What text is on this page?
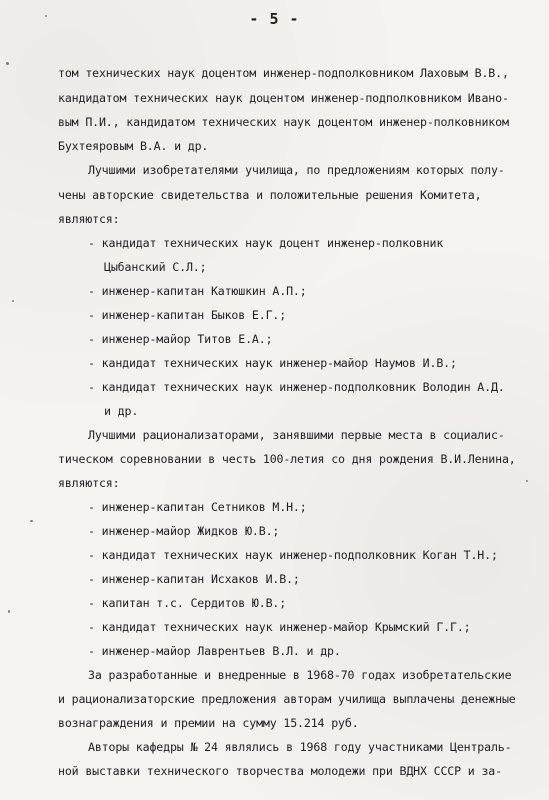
- 5 -
том технических наук доцентом инженер-подполковником Лаховым В.В.,
кандидатом технических наук доцентом инженер-подполковником Ивано-
вым П.И., кандидатом технических наук доцентом инженер-полковником
Бухтеяровым В.А. и др.
Лучшими изобретателями училища, по предложениям которых полу-
чены авторские свидетельства и положительные решения Комитета,
являются:
- кандидат технических наук доцент инженер-полковник
Цыбанский С.Л.;
- инженер-капитан Катюшкин А.П.;
- инженер-капитан Быков Е.Г.;
- инженер-майор Титов Е.А.;
- кандидат технических наук инженер-майор Наумов И.В.;
- кандидат технических наук инженер-подполковник Володин А.Д.
и др.
Лучшими рационализаторами, занявшими первые места в социалис-
тическом соревновании в честь 100-летия со дня рождения В.И.Ленина,
являются:
- инженер-капитан Сетников М.Н.;
- инженер-майор Жидков Ю.В.;
- кандидат технических наук инженер-подполковник Коган Т.Н.;
- инженер-капитан Исхаков И.В.;
- капитан т.с. Сердитов Ю.В.;
- кандидат технических наук инженер-майор Крымский Г.Г.;
- инженер-майор Лаврентьев В.Л. и др.
За разработанные и внедренные в 1968-70 годах изобретательские
и рационализаторские предложения авторам училища выплачены денежные
вознаграждения и премии на сумму 15.214 руб.
Авторы кафедры № 24 являлись в 1968 году участниками Централь-
ной выставки технического творчества молодежи при ВДНХ СССР и за-
